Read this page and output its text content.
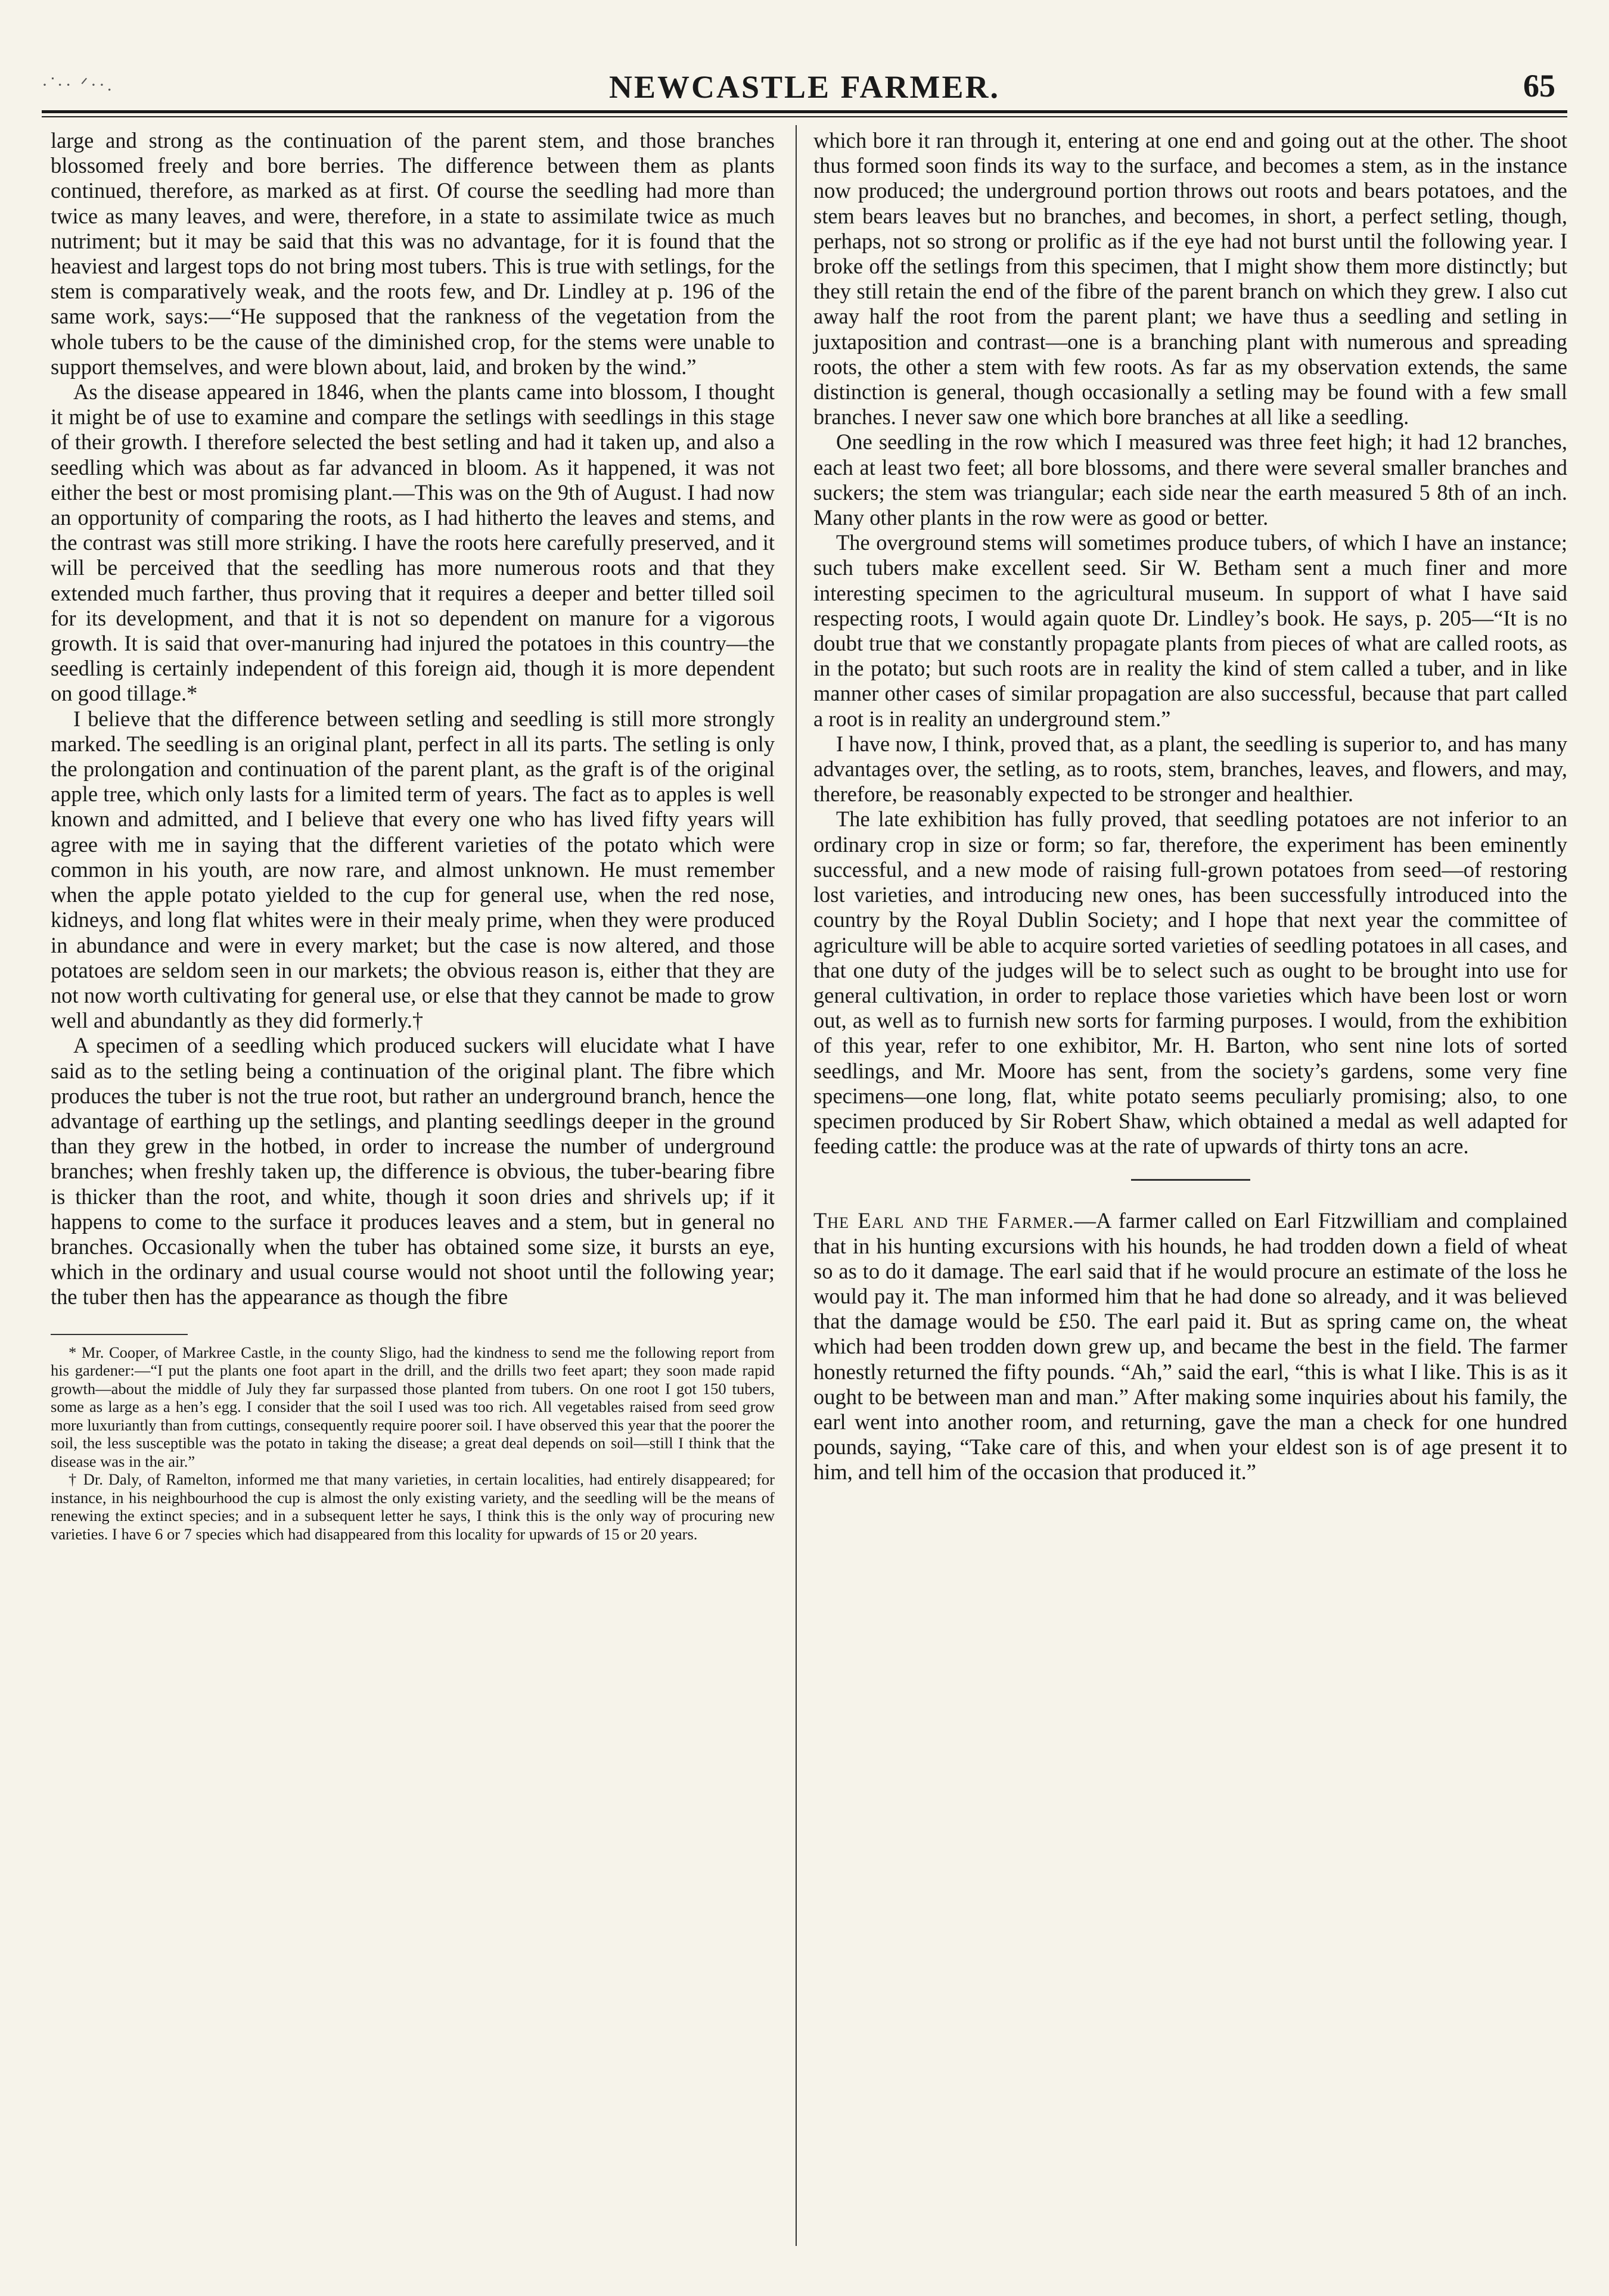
·ᐝ·· ᐟ··.	NEWCASTLE FARMER.	65

large and strong as the continuation of the parent stem, and those branches blossomed freely and bore berries. The difference between them as plants continued, therefore, as marked as at first. Of course the seedling had more than twice as many leaves, and were, therefore, in a state to assimilate twice as much nutriment; but it may be said that this was no advantage, for it is found that the heaviest and largest tops do not bring most tubers. This is true with setlings, for the stem is comparatively weak, and the roots few, and Dr. Lindley at p. 196 of the same work, says:—“He supposed that the rankness of the vegetation from the whole tubers to be the cause of the diminished crop, for the stems were unable to support themselves, and were blown about, laid, and broken by the wind.”

As the disease appeared in 1846, when the plants came into blossom, I thought it might be of use to examine and compare the setlings with seedlings in this stage of their growth. I therefore selected the best setling and had it taken up, and also a seedling which was about as far advanced in bloom. As it happened, it was not either the best or most promising plant.—This was on the 9th of August. I had now an opportunity of comparing the roots, as I had hitherto the leaves and stems, and the contrast was still more striking. I have the roots here carefully preserved, and it will be perceived that the seedling has more numerous roots and that they extended much farther, thus proving that it requires a deeper and better tilled soil for its development, and that it is not so dependent on manure for a vigorous growth. It is said that over-manuring had injured the potatoes in this country—the seedling is certainly independent of this foreign aid, though it is more dependent on good tillage.*

I believe that the difference between setling and seedling is still more strongly marked. The seedling is an original plant, perfect in all its parts. The setling is only the prolongation and continuation of the parent plant, as the graft is of the original apple tree, which only lasts for a limited term of years. The fact as to apples is well known and admitted, and I believe that every one who has lived fifty years will agree with me in saying that the different varieties of the potato which were common in his youth, are now rare, and almost unknown. He must remember when the apple potato yielded to the cup for general use, when the red nose, kidneys, and long flat whites were in their mealy prime, when they were produced in abundance and were in every market; but the case is now altered, and those potatoes are seldom seen in our markets; the obvious reason is, either that they are not now worth cultivating for general use, or else that they cannot be made to grow well and abundantly as they did formerly.†

A specimen of a seedling which produced suckers will elucidate what I have said as to the setling being a continuation of the original plant. The fibre which produces the tuber is not the true root, but rather an underground branch, hence the advantage of earthing up the setlings, and planting seedlings deeper in the ground than they grew in the hotbed, in order to increase the number of underground branches; when freshly taken up, the difference is obvious, the tuber-bearing fibre is thicker than the root, and white, though it soon dries and shrivels up; if it happens to come to the surface it produces leaves and a stem, but in general no branches. Occasionally when the tuber has obtained some size, it bursts an eye, which in the ordinary and usual course would not shoot until the following year; the tuber then has the appearance as though the fibre

* Mr. Cooper, of Markree Castle, in the county Sligo, had the kindness to send me the following report from his gardener:—“I put the plants one foot apart in the drill, and the drills two feet apart; they soon made rapid growth—about the middle of July they far surpassed those planted from tubers. On one root I got 150 tubers, some as large as a hen’s egg. I consider that the soil I used was too rich. All vegetables raised from seed grow more luxuriantly than from cuttings, consequently require poorer soil. I have observed this year that the poorer the soil, the less susceptible was the potato in taking the disease; a great deal depends on soil—still I think that the disease was in the air.”

† Dr. Daly, of Ramelton, informed me that many varieties, in certain localities, had entirely disappeared; for instance, in his neighbourhood the cup is almost the only existing variety, and the seedling will be the means of renewing the extinct species; and in a subsequent letter he says, I think this is the only way of procuring new varieties. I have 6 or 7 species which had disappeared from this locality for upwards of 15 or 20 years.

which bore it ran through it, entering at one end and going out at the other. The shoot thus formed soon finds its way to the surface, and becomes a stem, as in the instance now produced; the underground portion throws out roots and bears potatoes, and the stem bears leaves but no branches, and becomes, in short, a perfect setling, though, perhaps, not so strong or prolific as if the eye had not burst until the following year. I broke off the setlings from this specimen, that I might show them more distinctly; but they still retain the end of the fibre of the parent branch on which they grew. I also cut away half the root from the parent plant; we have thus a seedling and setling in juxtaposition and contrast—one is a branching plant with numerous and spreading roots, the other a stem with few roots. As far as my observation extends, the same distinction is general, though occasionally a setling may be found with a few small branches. I never saw one which bore branches at all like a seedling.

One seedling in the row which I measured was three feet high; it had 12 branches, each at least two feet; all bore blossoms, and there were several smaller branches and suckers; the stem was triangular; each side near the earth measured 5 8th of an inch. Many other plants in the row were as good or better.

The overground stems will sometimes produce tubers, of which I have an instance; such tubers make excellent seed. Sir W. Betham sent a much finer and more interesting specimen to the agricultural museum. In support of what I have said respecting roots, I would again quote Dr. Lindley’s book. He says, p. 205—“It is no doubt true that we constantly propagate plants from pieces of what are called roots, as in the potato; but such roots are in reality the kind of stem called a tuber, and in like manner other cases of similar propagation are also successful, because that part called a root is in reality an underground stem.”

I have now, I think, proved that, as a plant, the seedling is superior to, and has many advantages over, the setling, as to roots, stem, branches, leaves, and flowers, and may, therefore, be reasonably expected to be stronger and healthier.

The late exhibition has fully proved, that seedling potatoes are not inferior to an ordinary crop in size or form; so far, therefore, the experiment has been eminently successful, and a new mode of raising full-grown potatoes from seed—of restoring lost varieties, and introducing new ones, has been successfully introduced into the country by the Royal Dublin Society; and I hope that next year the committee of agriculture will be able to acquire sorted varieties of seedling potatoes in all cases, and that one duty of the judges will be to select such as ought to be brought into use for general cultivation, in order to replace those varieties which have been lost or worn out, as well as to furnish new sorts for farming purposes. I would, from the exhibition of this year, refer to one exhibitor, Mr. H. Barton, who sent nine lots of sorted seedlings, and Mr. Moore has sent, from the society’s gardens, some very fine specimens—one long, flat, white potato seems peculiarly promising; also, to one specimen produced by Sir Robert Shaw, which obtained a medal as well adapted for feeding cattle: the produce was at the rate of upwards of thirty tons an acre.

The Earl and the Farmer.—A farmer called on Earl Fitzwilliam and complained that in his hunting excursions with his hounds, he had trodden down a field of wheat so as to do it damage. The earl said that if he would procure an estimate of the loss he would pay it. The man informed him that he had done so already, and it was believed that the damage would be £50. The earl paid it. But as spring came on, the wheat which had been trodden down grew up, and became the best in the field. The farmer honestly returned the fifty pounds. “Ah,” said the earl, “this is what I like. This is as it ought to be between man and man.” After making some inquiries about his family, the earl went into another room, and returning, gave the man a check for one hundred pounds, saying, “Take care of this, and when your eldest son is of age present it to him, and tell him of the occasion that produced it.”
